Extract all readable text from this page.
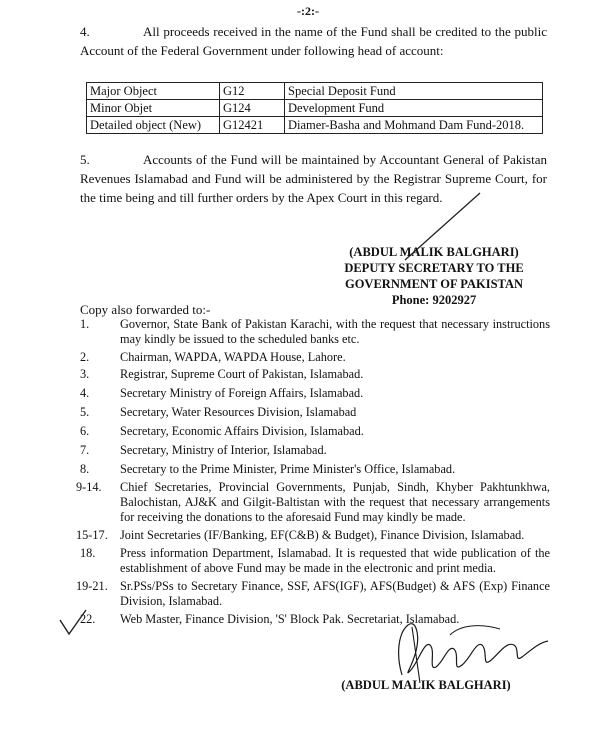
-:2:-
4.	All proceeds received in the name of the Fund shall be credited to the public Account of the Federal Government under following head of account:
Major Object	G12	Special Deposit Fund
Minor Objet	G124	Development Fund
Detailed object (New)	G12421	Diamer-Basha and Mohmand Dam Fund-2018.
5.	Accounts of the Fund will be maintained by Accountant General of Pakistan Revenues Islamabad and Fund will be administered by the Registrar Supreme Court, for the time being and till further orders by the Apex Court in this regard.
(ABDUL MALIK BALGHARI)
DEPUTY SECRETARY TO THE
GOVERNMENT OF PAKISTAN
Phone: 9202927
Copy also forwarded to:-
1.	Governor, State Bank of Pakistan Karachi, with the request that necessary instructions may kindly be issued to the scheduled banks etc.
2.	Chairman, WAPDA, WAPDA House, Lahore.
3.	Registrar, Supreme Court of Pakistan, Islamabad.
4.	Secretary Ministry of Foreign Affairs, Islamabad.
5.	Secretary, Water Resources Division, Islamabad
6.	Secretary, Economic Affairs Division, Islamabad.
7.	Secretary, Ministry of Interior, Islamabad.
8.	Secretary to the Prime Minister, Prime Minister's Office, Islamabad.
9-14. Chief Secretaries, Provincial Governments, Punjab, Sindh, Khyber Pakhtunkhwa, Balochistan, AJ&K and Gilgit-Baltistan with the request that necessary arrangements for receiving the donations to the aforesaid Fund may kindly be made.
15-17. Joint Secretaries (IF/Banking, EF(C&B) & Budget), Finance Division, Islamabad.
18. Press information Department, Islamabad. It is requested that wide publication of the establishment of above Fund may be made in the electronic and print media.
19-21. Sr.PSs/PSs to Secretary Finance, SSF, AFS(IGF), AFS(Budget) & AFS (Exp) Finance Division, Islamabad.
22. Web Master, Finance Division, 'S' Block Pak. Secretariat, Islamabad.
(ABDUL MALIK BALGHARI)
